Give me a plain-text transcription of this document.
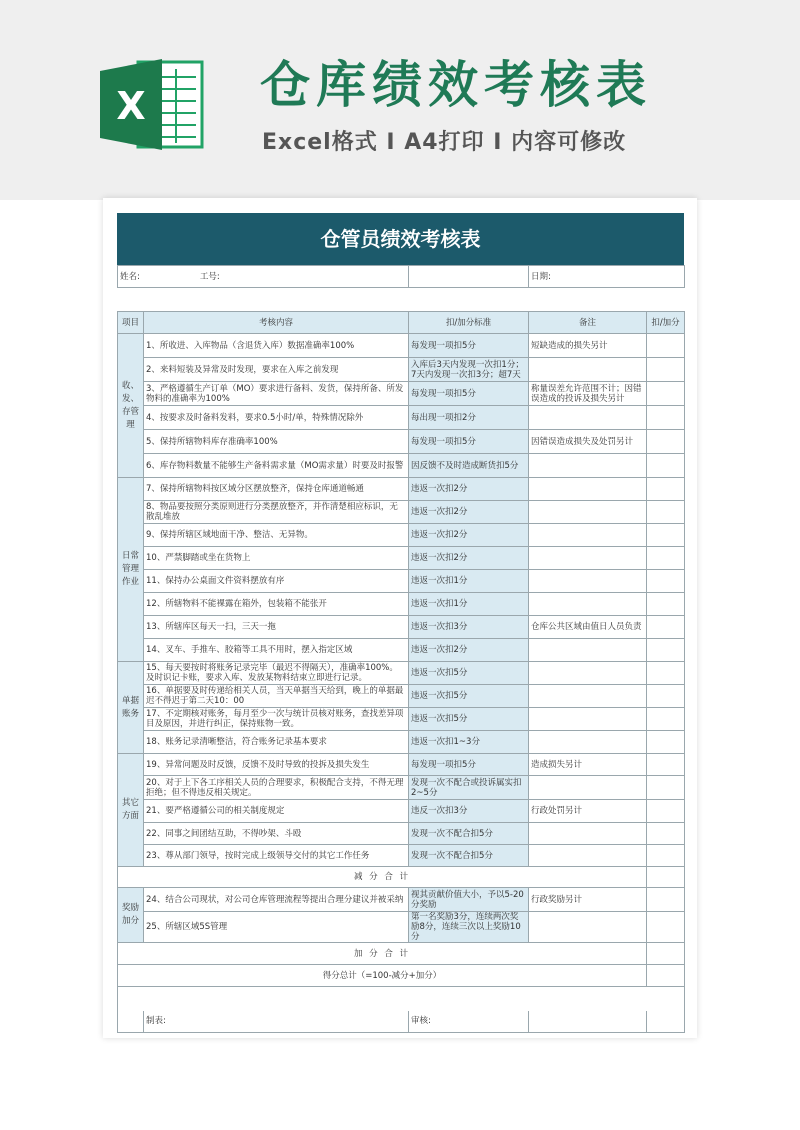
X 仓库绩效考核表
Excel格式 I A4打印 I 内容可修改
仓管员绩效考核表
姓名: 工号:			日期:	

项目	考核内容	扣/加分标准	备注	扣/加分
收、发、存管理	1、所收进、入库物品（含退货入库）数据准确率100%	每发现一项扣5分	短缺造成的损失另计	
	2、来料短装及异常及时发现，要求在入库之前发现	入库后3天内发现一次扣1分；7天内发现一次扣3分；超7天		
	3、严格遵循生产订单（MO）要求进行备料、发货，保持所备、所发物料的准确率为100%	每发现一项扣5分	称量误差允许范围不计；因错误造成的投诉及损失另计	
	4、按要求及时备料发料，要求0.5小时/单，特殊情况除外	每出现一项扣2分		
	5、保持所辖物料库存准确率100%	每发现一项扣5分	因错误造成损失及处罚另计	
	6、库存物料数量不能够生产备料需求量（MO需求量）时要及时报警	因反馈不及时造成断货扣5分		
日常管理作业	7、保持所辖物料按区域分区摆放整齐，保持仓库通道畅通	违返一次扣2分		
	8、物品要按照分类原则进行分类摆放整齐，并作清楚相应标识，无散乱堆放	违返一次扣2分		
	9、保持所辖区域地面干净、整洁、无异物。	违返一次扣2分		
	10、严禁脚踏或坐在货物上	违返一次扣2分		
	11、保持办公桌面文件资料摆放有序	违返一次扣1分		
	12、所辖物料不能裸露在箱外，包装箱不能张开	违返一次扣1分		
	13、所辖库区每天一扫，三天一拖	违返一次扣3分	仓库公共区域由值日人员负责	
	14、叉车、手推车、胶箱等工具不用时，摆入指定区域	违返一次扣2分		
单据账务	15、每天要按时将账务记录完毕（最迟不得隔天），准确率100%。及时识记卡账，要求入库、发放某物料结束立即进行记录。	违返一次扣5分		
	16、单据要及时传递给相关人员，当天单据当天给到，晚上的单据最迟不得迟于第二天10：00	违返一次扣5分		
	17、不定期核对账务，每月至少一次与统计员核对账务，查找差异项目及原因，并进行纠正，保持账物一致。	违返一次扣5分		
	18、账务记录清晰整洁，符合账务记录基本要求	违返一次扣1~3分		
其它方面	19、异常问题及时反馈，反馈不及时导致的投拆及损失发生	每发现一项扣5分	造成损失另计	
	20、对于上下各工序相关人员的合理要求，积极配合支持，不得无理拒绝；但不得违反相关规定。	发现一次不配合或投诉属实扣2~5分		
	21、要严格遵循公司的相关制度规定	违反一次扣3分	行政处罚另计	
	22、同事之间团结互助，不得吵架、斗殴	发现一次不配合扣5分		
	23、尊从部门领导，按时完成上级领导交付的其它工作任务	发现一次不配合扣5分		
减 分 合 计				
奖励加分	24、结合公司现状，对公司仓库管理流程等提出合理分建议并被采纳	视其贡献价值大小，予以5-20分奖励	行政奖励另计	
	25、所辖区域5S管理	第一名奖励3分，连续两次奖励8分，连续三次以上奖励10分		
加 分 合 计				
得分总计（=100-减分+加分）				

	制表:	审核:		
